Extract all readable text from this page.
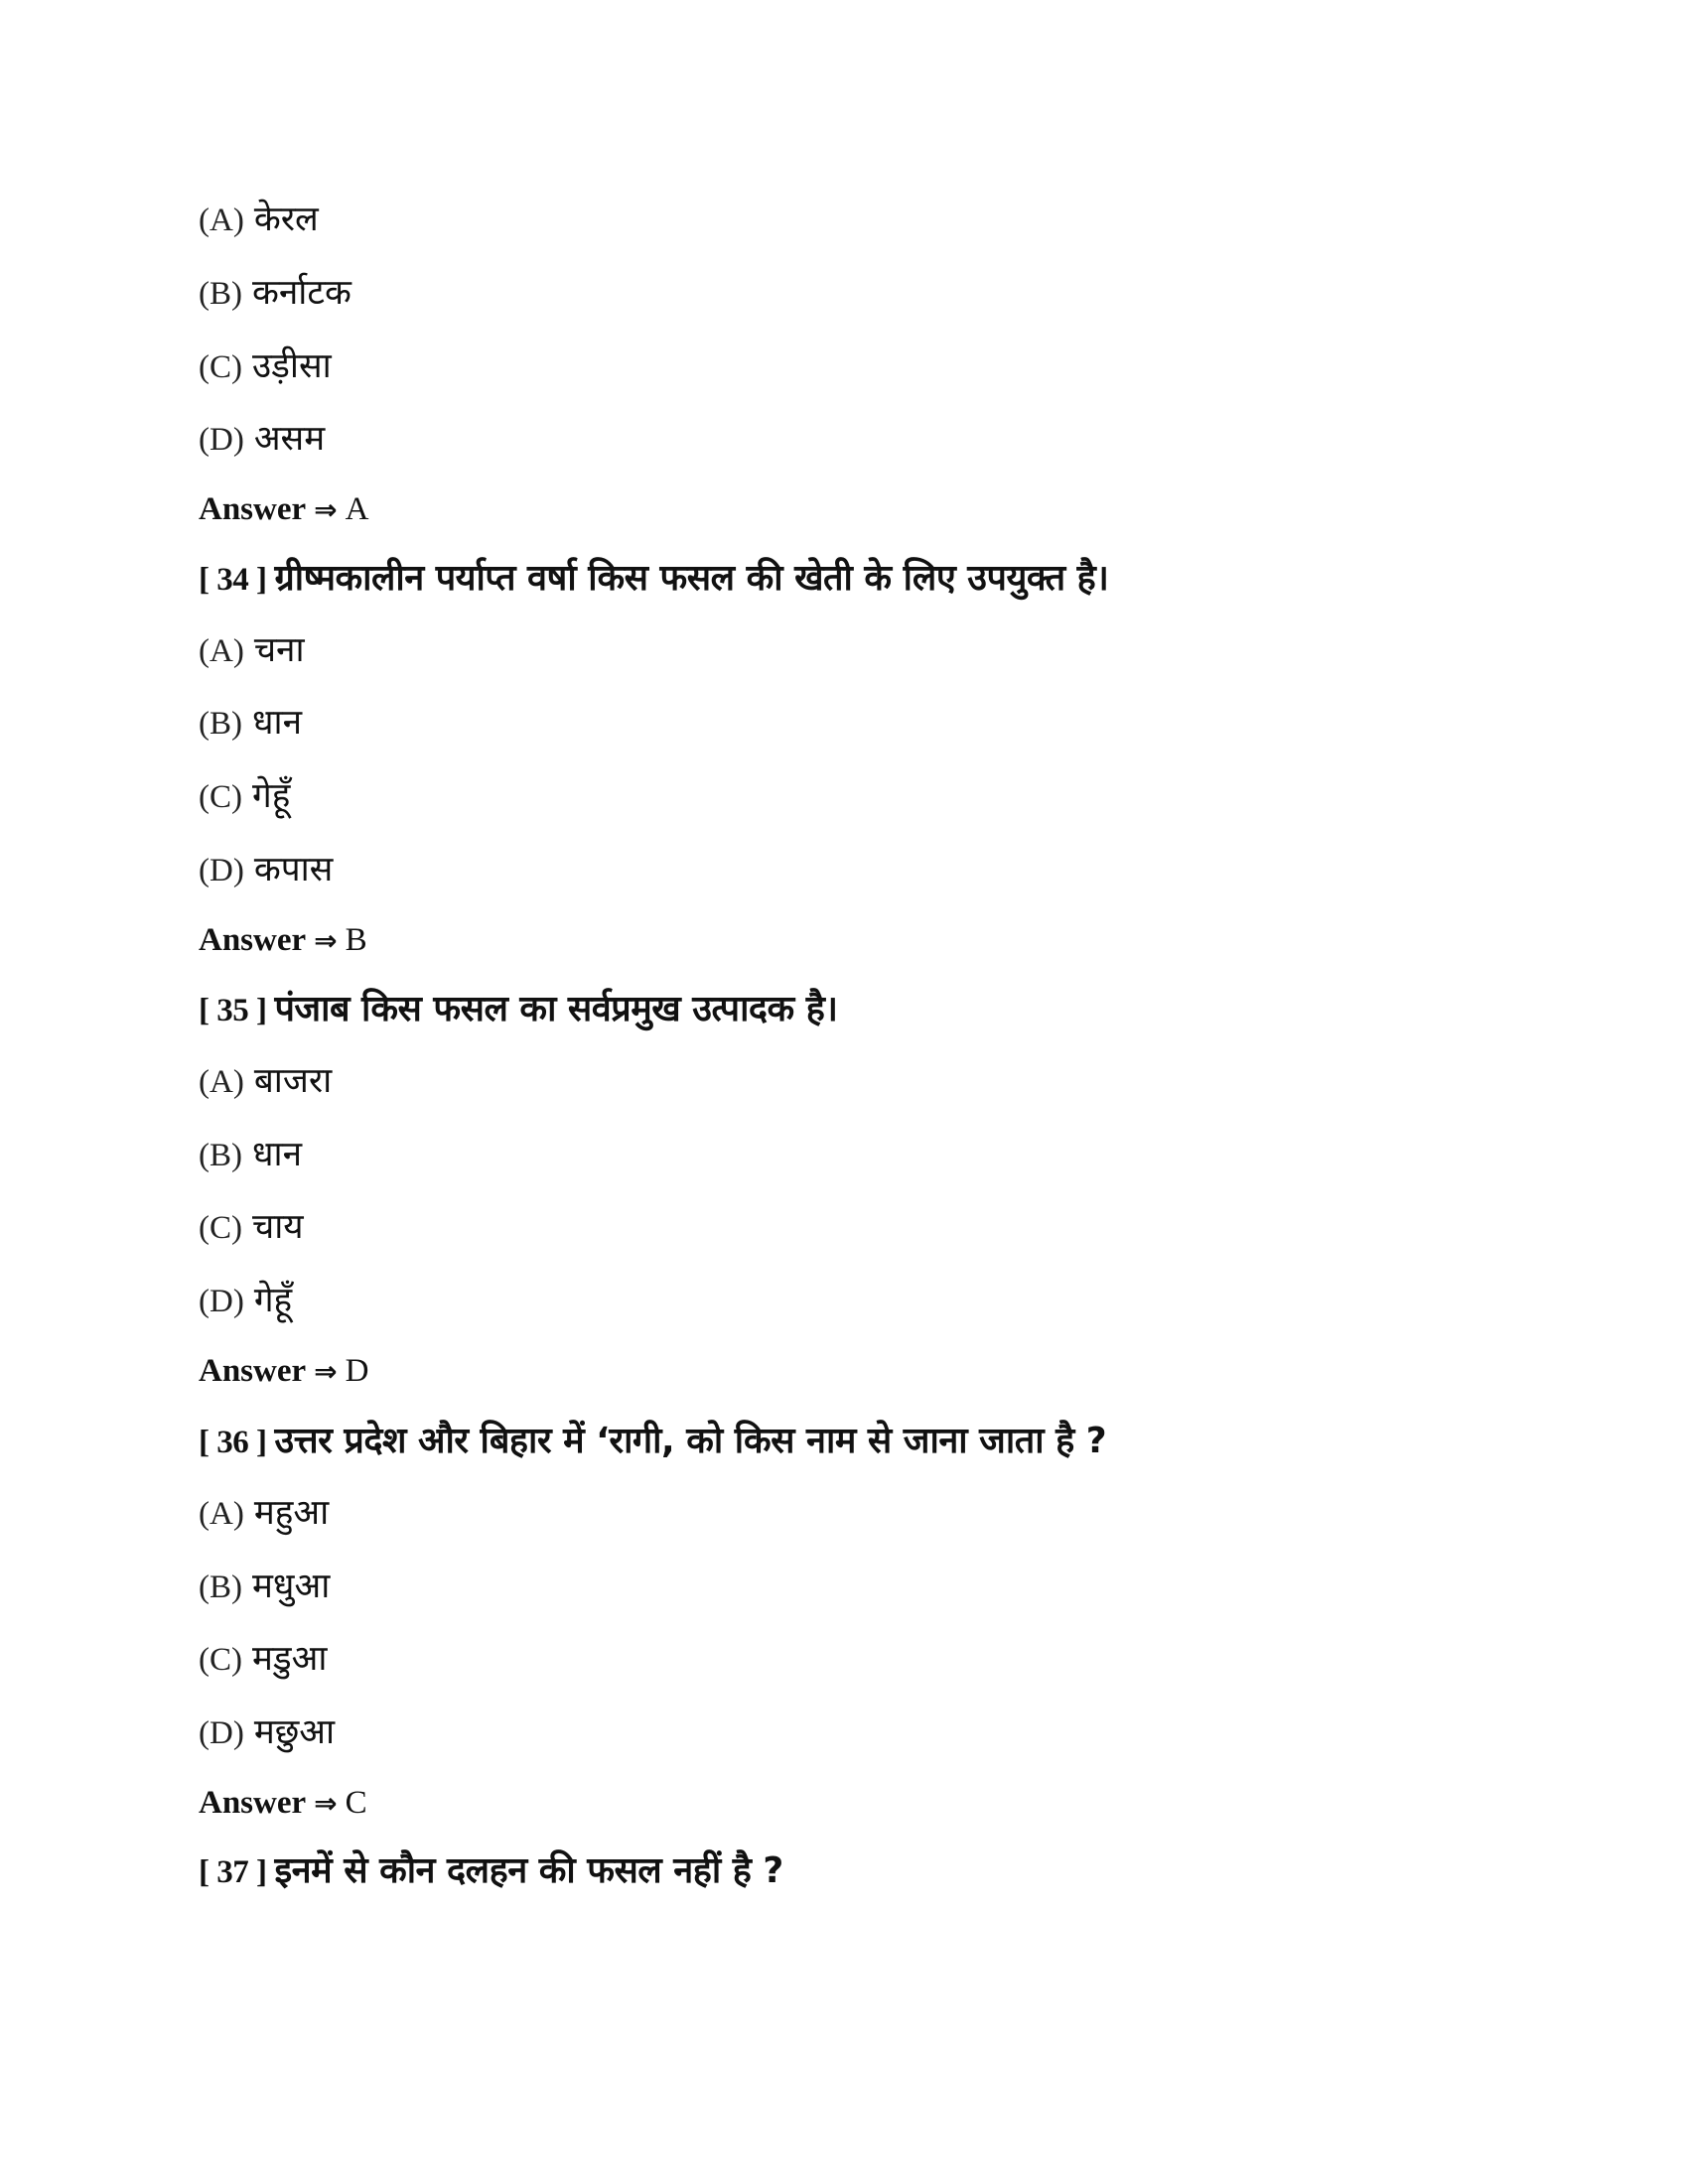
(A) केरल
(B) कर्नाटक
(C) उड़ीसा
(D) असम
Answer ⇒ A
[ 34 ] ग्रीष्मकालीन पर्याप्त वर्षा किस फसल की खेती के लिए उपयुक्त है।
(A) चना
(B) धान
(C) गेहूँ
(D) कपास
Answer ⇒ B
[ 35 ] पंजाब किस फसल का सर्वप्रमुख उत्पादक है।
(A) बाजरा
(B) धान
(C) चाय
(D) गेहूँ
Answer ⇒ D
[ 36 ] उत्तर प्रदेश और बिहार में ‘रागी, को किस नाम से जाना जाता है ?
(A) महुआ
(B) मधुआ
(C) मडुआ
(D) मछुआ
Answer ⇒ C
[ 37 ] इनमें से कौन दलहन की फसल नहीं है ?
